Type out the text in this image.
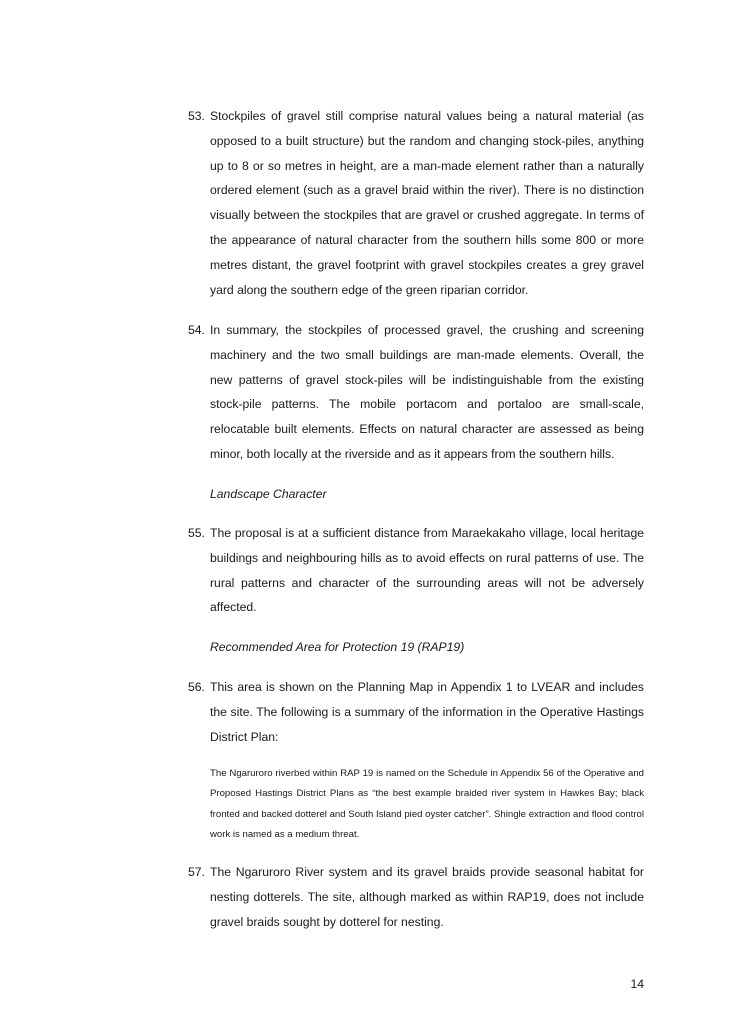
53. Stockpiles of gravel still comprise natural values being a natural material (as opposed to a built structure) but the random and changing stock-piles, anything up to 8 or so metres in height, are a man-made element rather than a naturally ordered element (such as a gravel braid within the river). There is no distinction visually between the stockpiles that are gravel or crushed aggregate. In terms of the appearance of natural character from the southern hills some 800 or more metres distant, the gravel footprint with gravel stockpiles creates a grey gravel yard along the southern edge of the green riparian corridor.
54. In summary, the stockpiles of processed gravel, the crushing and screening machinery and the two small buildings are man-made elements. Overall, the new patterns of gravel stock-piles will be indistinguishable from the existing stock-pile patterns. The mobile portacom and portaloo are small-scale, relocatable built elements. Effects on natural character are assessed as being minor, both locally at the riverside and as it appears from the southern hills.
Landscape Character
55. The proposal is at a sufficient distance from Maraekakaho village, local heritage buildings and neighbouring hills as to avoid effects on rural patterns of use. The rural patterns and character of the surrounding areas will not be adversely affected.
Recommended Area for Protection 19 (RAP19)
56. This area is shown on the Planning Map in Appendix 1 to LVEAR and includes the site. The following is a summary of the information in the Operative Hastings District Plan:
The Ngaruroro riverbed within RAP 19 is named on the Schedule in Appendix 56 of the Operative and Proposed Hastings District Plans as “the best example braided river system in Hawkes Bay; black fronted and backed dotterel and South Island pied oyster catcher”. Shingle extraction and flood control work is named as a medium threat.
57. The Ngaruroro River system and its gravel braids provide seasonal habitat for nesting dotterels. The site, although marked as within RAP19, does not include gravel braids sought by dotterel for nesting.
14
